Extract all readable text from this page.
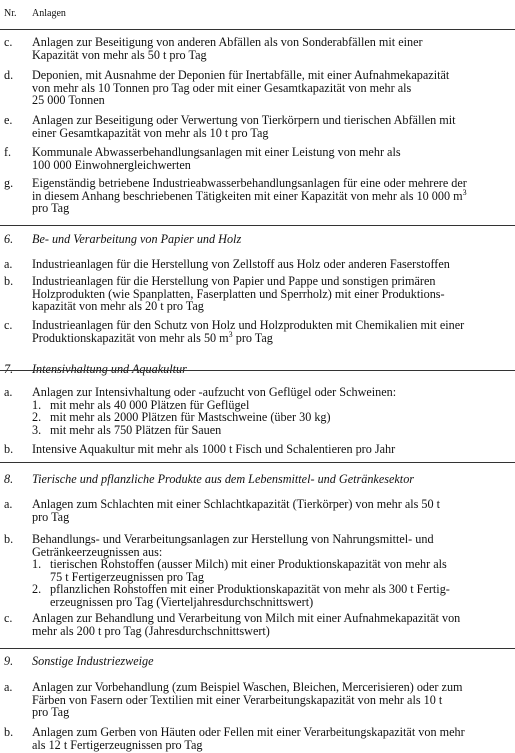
Nr. Anlagen
c. Anlagen zur Beseitigung von anderen Abfällen als von Sonderabfällen mit einer
Kapazität von mehr als 50 t pro Tag
d. Deponien, mit Ausnahme der Deponien für Inertabfälle, mit einer Aufnahmekapazität
von mehr als 10 Tonnen pro Tag oder mit einer Gesamtkapazität von mehr als
25 000 Tonnen
e. Anlagen zur Beseitigung oder Verwertung von Tierkörpern und tierischen Abfällen mit
einer Gesamtkapazität von mehr als 10 t pro Tag
f. Kommunale Abwasserbehandlungsanlagen mit einer Leistung von mehr als
100 000 Einwohnergleichwerten
g. Eigenständig betriebene Industrieabwasserbehandlungsanlagen für eine oder mehrere der
in diesem Anhang beschriebenen Tätigkeiten mit einer Kapazität von mehr als 10 000 $m^3$
pro Tag
6. Be- und Verarbeitung von Papier und Holz
a. Industrieanlagen für die Herstellung von Zellstoff aus Holz oder anderen Faserstoffen
b. Industrieanlagen für die Herstellung von Papier und Pappe und sonstigen primären
Holzprodukten (wie Spanplatten, Faserplatten und Sperrholz) mit einer Produktions-
kapazität von mehr als 20 t pro Tag
c. Industrieanlagen für den Schutz von Holz und Holzprodukten mit Chemikalien mit einer
Produktionskapazität von mehr als 50 $m^3$ pro Tag
7. Intensivhaltung und Aquakultur
a. Anlagen zur Intensivhaltung oder -aufzucht von Geflügel oder Schweinen:
1. mit mehr als 40 000 Plätzen für Geflügel
2. mit mehr als 2000 Plätzen für Mastschweine (über 30 kg)
3. mit mehr als 750 Plätzen für Sauen
b. Intensive Aquakultur mit mehr als 1000 t Fisch und Schalentieren pro Jahr
8. Tierische und pflanzliche Produkte aus dem Lebensmittel- und Getränkesektor
a. Anlagen zum Schlachten mit einer Schlachtkapazität (Tierkörper) von mehr als 50 t
pro Tag
b. Behandlungs- und Verarbeitungsanlagen zur Herstellung von Nahrungsmittel- und
Getränkeerzeugnissen aus:
1. tierischen Rohstoffen (ausser Milch) mit einer Produktionskapazität von mehr als
75 t Fertigerzeugnissen pro Tag
2. pflanzlichen Rohstoffen mit einer Produktionskapazität von mehr als 300 t Fertig-
erzeugnissen pro Tag (Vierteljahresdurchschnittswert)
c. Anlagen zur Behandlung und Verarbeitung von Milch mit einer Aufnahmekapazität von
mehr als 200 t pro Tag (Jahresdurchschnittswert)
9. Sonstige Industriezweige
a. Anlagen zur Vorbehandlung (zum Beispiel Waschen, Bleichen, Mercerisieren) oder zum
Färben von Fasern oder Textilien mit einer Verarbeitungskapazität von mehr als 10 t
pro Tag
b. Anlagen zum Gerben von Häuten oder Fellen mit einer Verarbeitungskapazität von mehr
als 12 t Fertigerzeugnissen pro Tag
